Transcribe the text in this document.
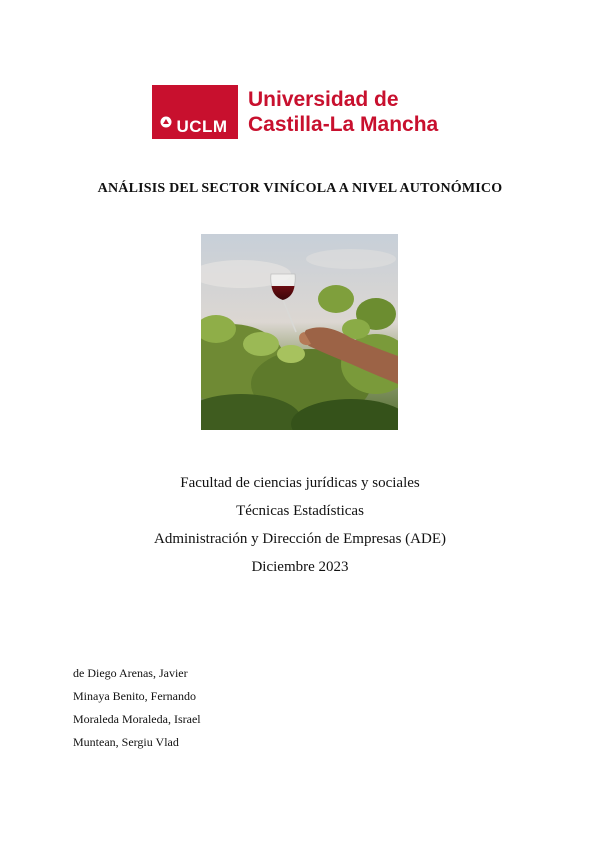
UCLM
Universidad de
Castilla-La Mancha
ANÁLISIS DEL SECTOR VINÍCOLA A NIVEL AUTONÓMICO
Facultad de ciencias jurídicas y sociales
Técnicas Estadísticas
Administración y Dirección de Empresas (ADE)
Diciembre 2023
de Diego Arenas, Javier
Minaya Benito, Fernando
Moraleda Moraleda, Israel
Muntean, Sergiu Vlad
